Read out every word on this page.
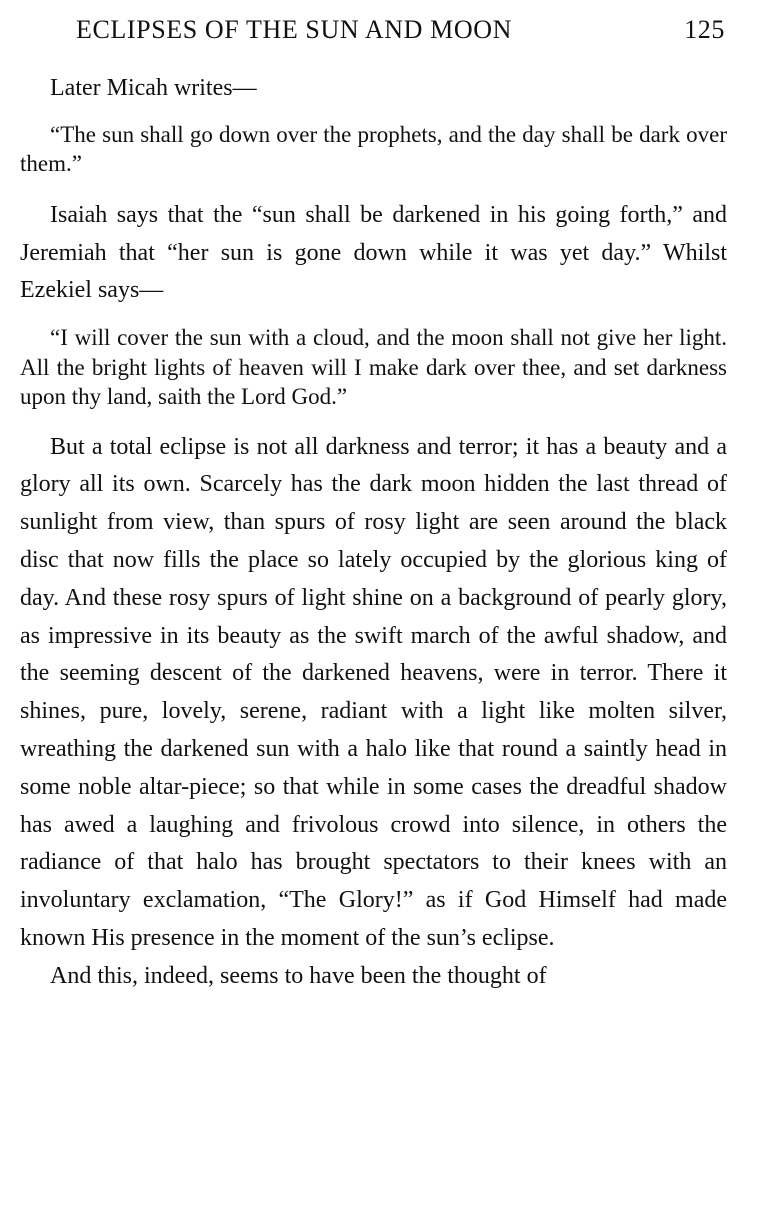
ECLIPSES OF THE SUN AND MOON	125

Later Micah writes—

“The sun shall go down over the prophets, and the day shall be dark over them.”

Isaiah says that the “sun shall be darkened in his going forth,” and Jeremiah that “her sun is gone down while it was yet day.” Whilst Ezekiel says—

“I will cover the sun with a cloud, and the moon shall not give her light. All the bright lights of heaven will I make dark over thee, and set darkness upon thy land, saith the Lord God.”

But a total eclipse is not all darkness and terror; it has a beauty and a glory all its own. Scarcely has the dark moon hidden the last thread of sunlight from view, than spurs of rosy light are seen around the black disc that now fills the place so lately occupied by the glorious king of day. And these rosy spurs of light shine on a background of pearly glory, as impressive in its beauty as the swift march of the awful shadow, and the seeming descent of the darkened heavens, were in terror. There it shines, pure, lovely, serene, radiant with a light like molten silver, wreathing the darkened sun with a halo like that round a saintly head in some noble altar-piece; so that while in some cases the dreadful shadow has awed a laughing and frivolous crowd into silence, in others the radiance of that halo has brought spectators to their knees with an involuntary exclamation, “The Glory!” as if God Himself had made known His presence in the moment of the sun’s eclipse.

And this, indeed, seems to have been the thought of
